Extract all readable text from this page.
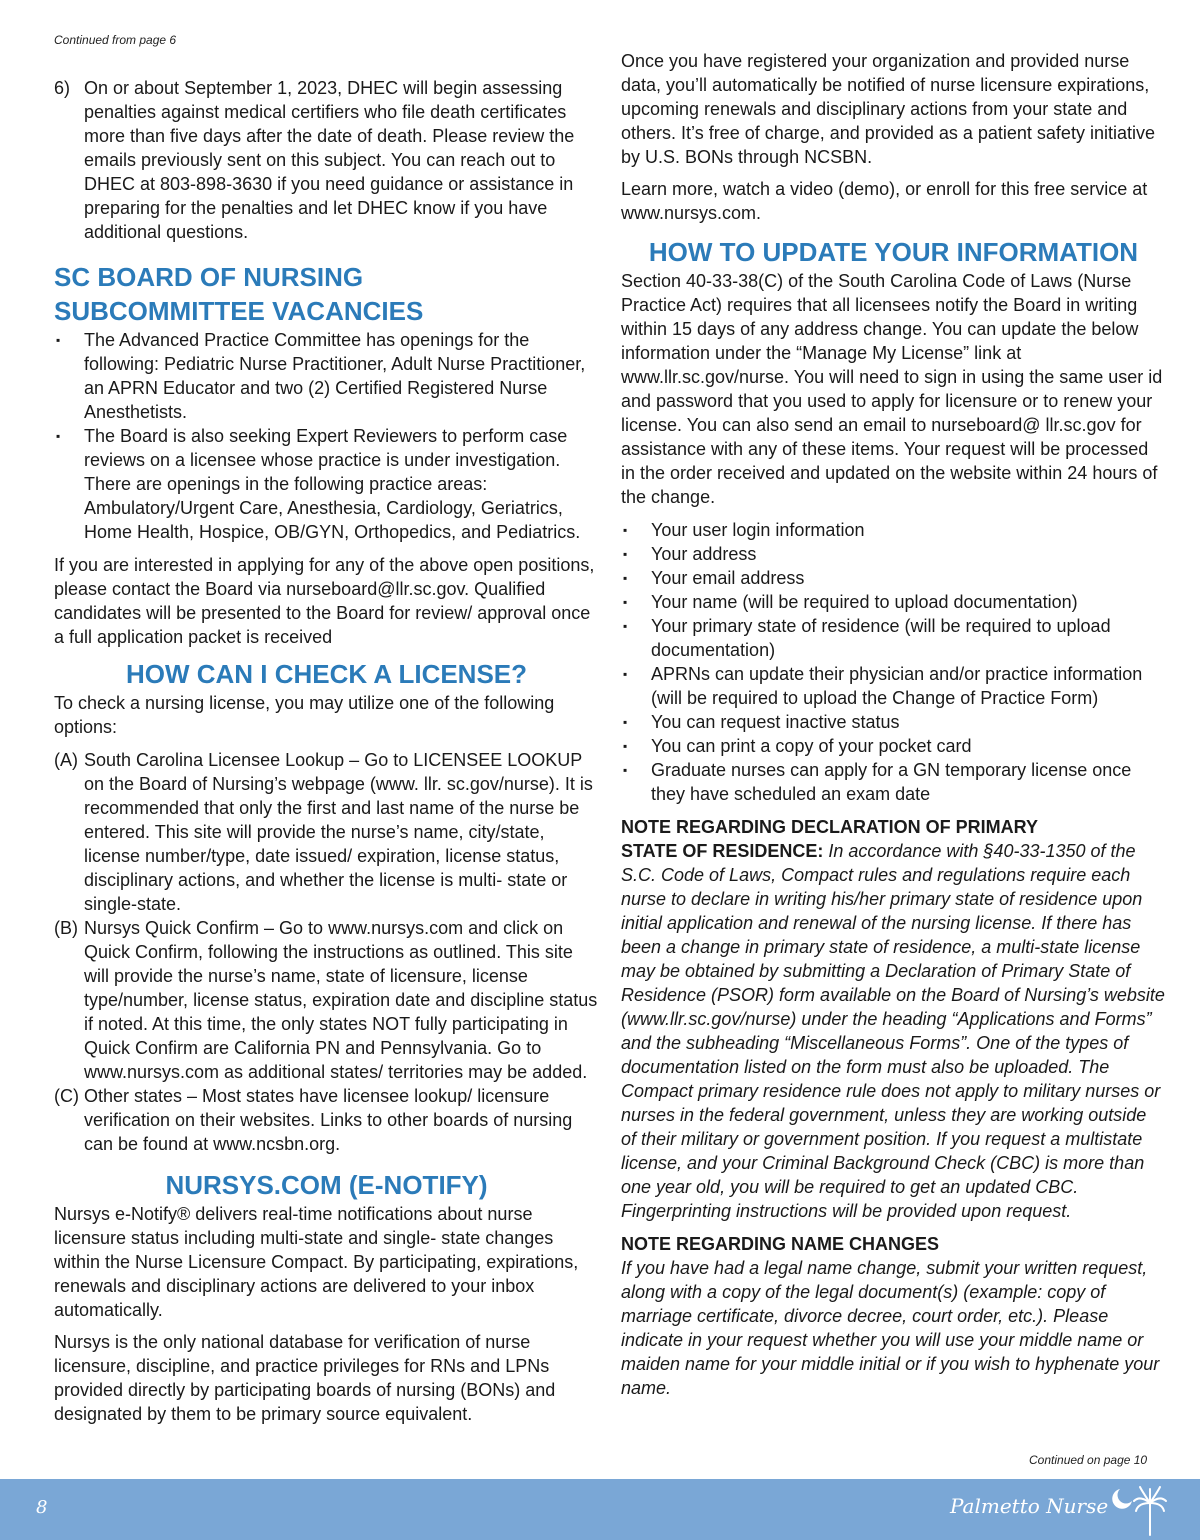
Continued from page 6
6) On or about September 1, 2023, DHEC will begin assessing penalties against medical certifiers who file death certificates more than five days after the date of death. Please review the emails previously sent on this subject. You can reach out to DHEC at 803-898-3630 if you need guidance or assistance in preparing for the penalties and let DHEC know if you have additional questions.
SC BOARD OF NURSING
SUBCOMMITTEE VACANCIES
▪ The Advanced Practice Committee has openings for the following: Pediatric Nurse Practitioner, Adult Nurse Practitioner, an APRN Educator and two (2) Certified Registered Nurse Anesthetists.
▪ The Board is also seeking Expert Reviewers to perform case reviews on a licensee whose practice is under investigation. There are openings in the following practice areas: Ambulatory/Urgent Care, Anesthesia, Cardiology, Geriatrics, Home Health, Hospice, OB/GYN, Orthopedics, and Pediatrics.

If you are interested in applying for any of the above open positions, please contact the Board via nurseboard@llr.sc.gov. Qualified candidates will be presented to the Board for review/ approval once a full application packet is received

HOW CAN I CHECK A LICENSE?

To check a nursing license, you may utilize one of the following options:

(A) South Carolina Licensee Lookup – Go to LICENSEE LOOKUP on the Board of Nursing’s webpage (www. llr. sc.gov/nurse). It is recommended that only the first and last name of the nurse be entered. This site will provide the nurse’s name, city/state, license number/type, date issued/ expiration, license status, disciplinary actions, and whether the license is multi- state or single-state.
(B) Nursys Quick Confirm – Go to www.nursys.com and click on Quick Confirm, following the instructions as outlined. This site will provide the nurse’s name, state of licensure, license type/number, license status, expiration date and discipline status if noted. At this time, the only states NOT fully participating in Quick Confirm are California PN and Pennsylvania. Go to www.nursys.com as additional states/ territories may be added.
(C) Other states – Most states have licensee lookup/ licensure verification on their websites. Links to other boards of nursing can be found at www.ncsbn.org.
NURSYS.COM (E-NOTIFY)

Nursys e-Notify® delivers real-time notifications about nurse licensure status including multi-state and single- state changes within the Nurse Licensure Compact. By participating, expirations, renewals and disciplinary actions are delivered to your inbox automatically.

Nursys is the only national database for verification of nurse licensure, discipline, and practice privileges for RNs and LPNs provided directly by participating boards of nursing (BONs) and designated by them to be primary source equivalent.

Once you have registered your organization and provided nurse data, you’ll automatically be notified of nurse licensure expirations, upcoming renewals and disciplinary actions from your state and others. It’s free of charge, and provided as a patient safety initiative by U.S. BONs through NCSBN.

Learn more, watch a video (demo), or enroll for this free service at www.nursys.com.

HOW TO UPDATE YOUR INFORMATION

Section 40-33-38(C) of the South Carolina Code of Laws (Nurse Practice Act) requires that all licensees notify the Board in writing within 15 days of any address change. You can update the below information under the “Manage My License” link at www.llr.sc.gov/nurse. You will need to sign in using the same user id and password that you used to apply for licensure or to renew your license. You can also send an email to nurseboard@ llr.sc.gov for assistance with any of these items. Your request will be processed in the order received and updated on the website within 24 hours of the change.

▪ Your user login information
▪ Your address
▪ Your email address
▪ Your name (will be required to upload documentation)
▪ Your primary state of residence (will be required to upload documentation)
▪ APRNs can update their physician and/or practice information (will be required to upload the Change of Practice Form)
▪ You can request inactive status
▪ You can print a copy of your pocket card
▪ Graduate nurses can apply for a GN temporary license once they have scheduled an exam date

NOTE REGARDING DECLARATION OF PRIMARY
STATE OF RESIDENCE: In accordance with §40-33-1350 of the S.C. Code of Laws, Compact rules and regulations require each nurse to declare in writing his/her primary state of residence upon initial application and renewal of the nursing license. If there has been a change in primary state of residence, a multi-state license may be obtained by submitting a Declaration of Primary State of Residence (PSOR) form available on the Board of Nursing’s website (www.llr.sc.gov/nurse) under the heading “Applications and Forms” and the subheading “Miscellaneous Forms”. One of the types of documentation listed on the form must also be uploaded. The Compact primary residence rule does not apply to military nurses or nurses in the federal government, unless they are working outside of their military or government position. If you request a multistate license, and your Criminal Background Check (CBC) is more than one year old, you will be required to get an updated CBC. Fingerprinting instructions will be provided upon request.

NOTE REGARDING NAME CHANGES

If you have had a legal name change, submit your written request, along with a copy of the legal document(s) (example: copy of marriage certificate, divorce decree, court order, etc.). Please indicate in your request whether you will use your middle name or maiden name for your middle initial or if you wish to hyphenate your name.

Continued on page 10
8	Palmetto Nurse
